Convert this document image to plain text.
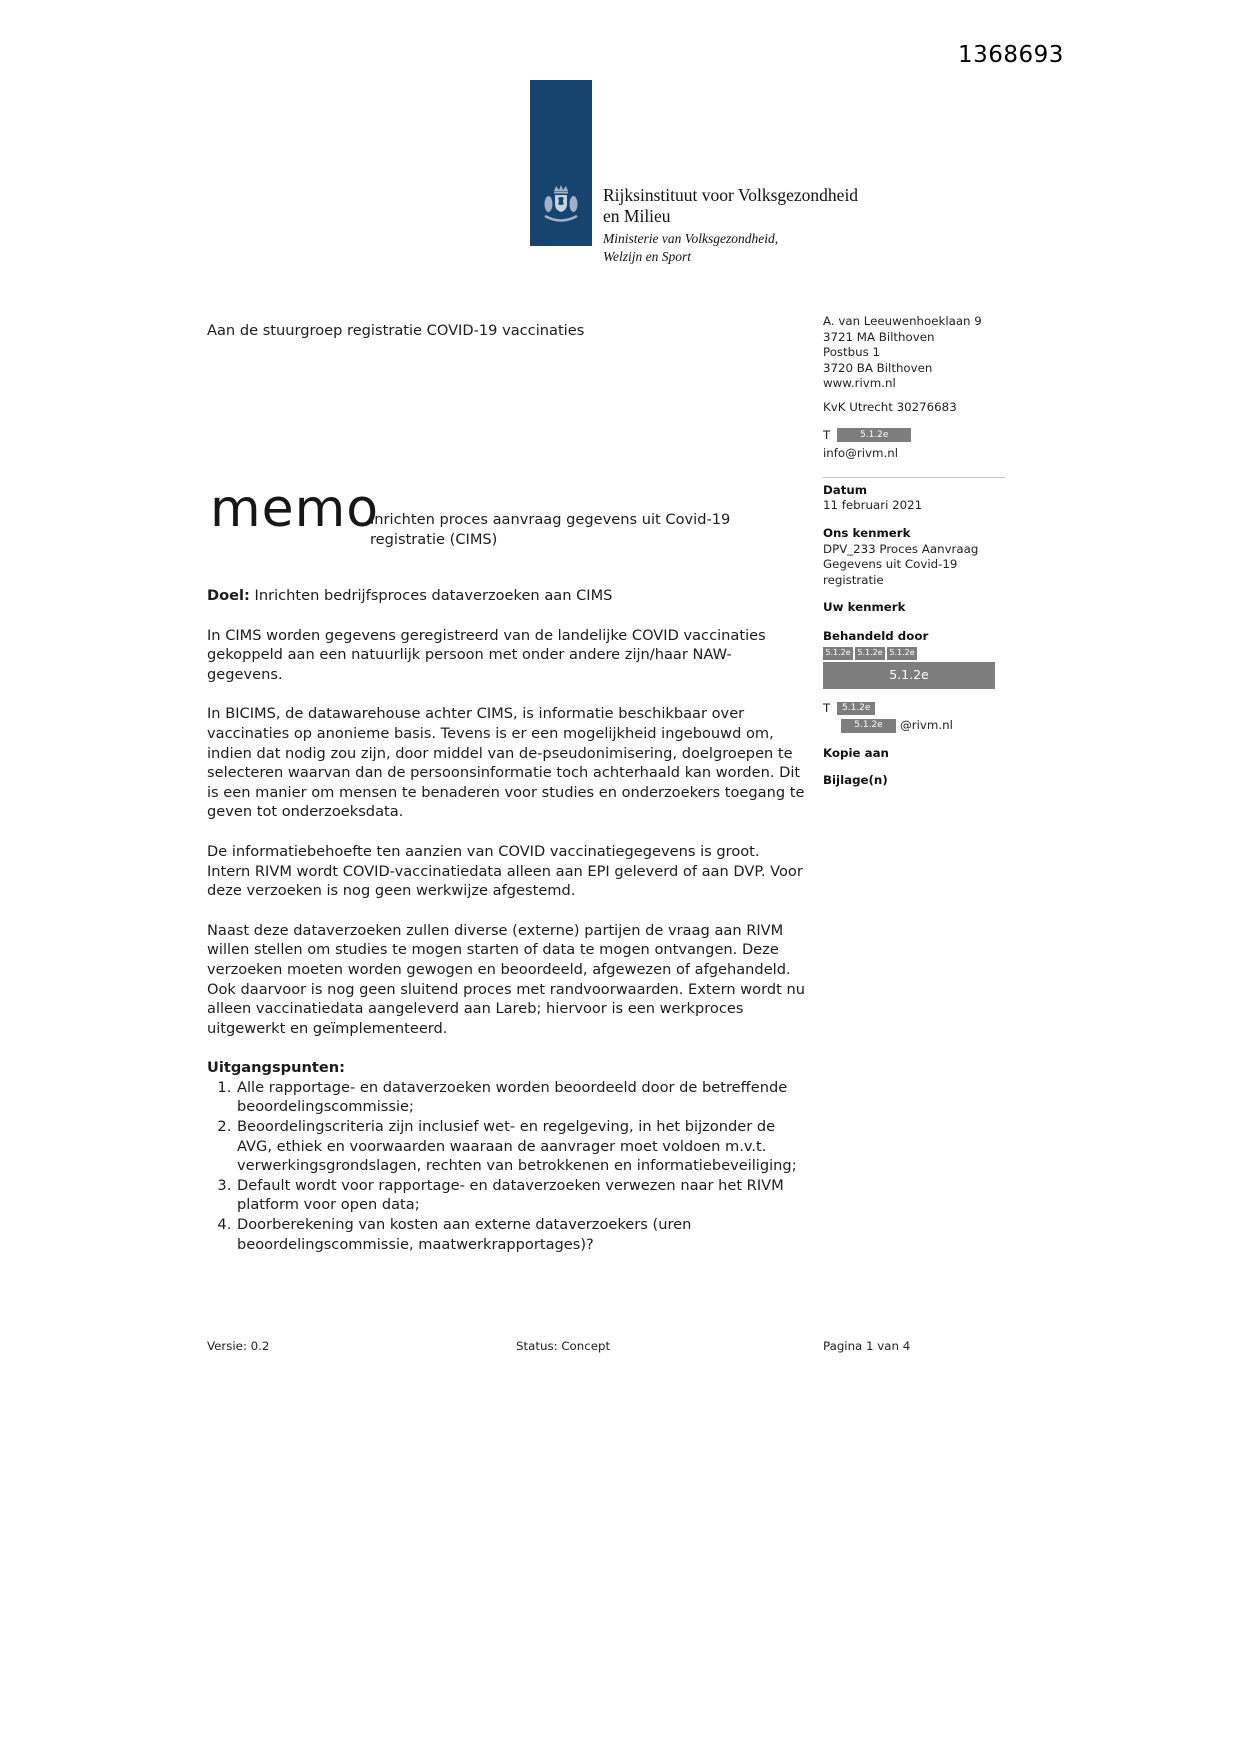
1368693
Rijksinstituut voor Volksgezondheid
en Milieu
Ministerie van Volksgezondheid,
Welzijn en Sport
Aan de stuurgroep registratie COVID-19 vaccinaties
memo
Inrichten proces aanvraag gegevens uit Covid-19
registratie (CIMS)

Doel: Inrichten bedrijfsproces dataverzoeken aan CIMS

In CIMS worden gegevens geregistreerd van de landelijke COVID vaccinaties gekoppeld aan een natuurlijk persoon met onder andere zijn/haar NAW-gegevens.

In BICIMS, de datawarehouse achter CIMS, is informatie beschikbaar over vaccinaties op anonieme basis. Tevens is er een mogelijkheid ingebouwd om, indien dat nodig zou zijn, door middel van de-pseudonimisering, doelgroepen te selecteren waarvan dan de persoonsinformatie toch achterhaald kan worden. Dit is een manier om mensen te benaderen voor studies en onderzoekers toegang te geven tot onderzoeksdata.

De informatiebehoefte ten aanzien van COVID vaccinatiegegevens is groot. Intern RIVM wordt COVID-vaccinatiedata alleen aan EPI geleverd of aan DVP. Voor deze verzoeken is nog geen werkwijze afgestemd.

Naast deze dataverzoeken zullen diverse (externe) partijen de vraag aan RIVM willen stellen om studies te mogen starten of data te mogen ontvangen. Deze verzoeken moeten worden gewogen en beoordeeld, afgewezen of afgehandeld. Ook daarvoor is nog geen sluitend proces met randvoorwaarden. Extern wordt nu alleen vaccinatiedata aangeleverd aan Lareb; hiervoor is een werkproces uitgewerkt en geïmplementeerd.

Uitgangspunten:
1. Alle rapportage- en dataverzoeken worden beoordeeld door de betreffende beoordelingscommissie;
2. Beoordelingscriteria zijn inclusief wet- en regelgeving, in het bijzonder de AVG, ethiek en voorwaarden waaraan de aanvrager moet voldoen m.v.t. verwerkingsgrondslagen, rechten van betrokkenen en informatiebeveiliging;
3. Default wordt voor rapportage- en dataverzoeken verwezen naar het RIVM platform voor open data;
4. Doorberekening van kosten aan externe dataverzoekers (uren beoordelingscommissie, maatwerkrapportages)?
A. van Leeuwenhoeklaan 9
3721 MA Bilthoven
Postbus 1
3720 BA Bilthoven
www.rivm.nl
KvK Utrecht 30276683
T	5.1.2e
info@rivm.nl
Datum
11 februari 2021
Ons kenmerk
DPV_233 Proces Aanvraag Gegevens uit Covid-19 registratie
Uw kenmerk
Behandeld door
5.1.2e 5.1.2e 5.1.2e
5.1.2e
T	5.1.2e
5.1.2e	@rivm.nl
Kopie aan
Bijlage(n)
Versie: 0.2	Status: Concept	Pagina 1 van 4
